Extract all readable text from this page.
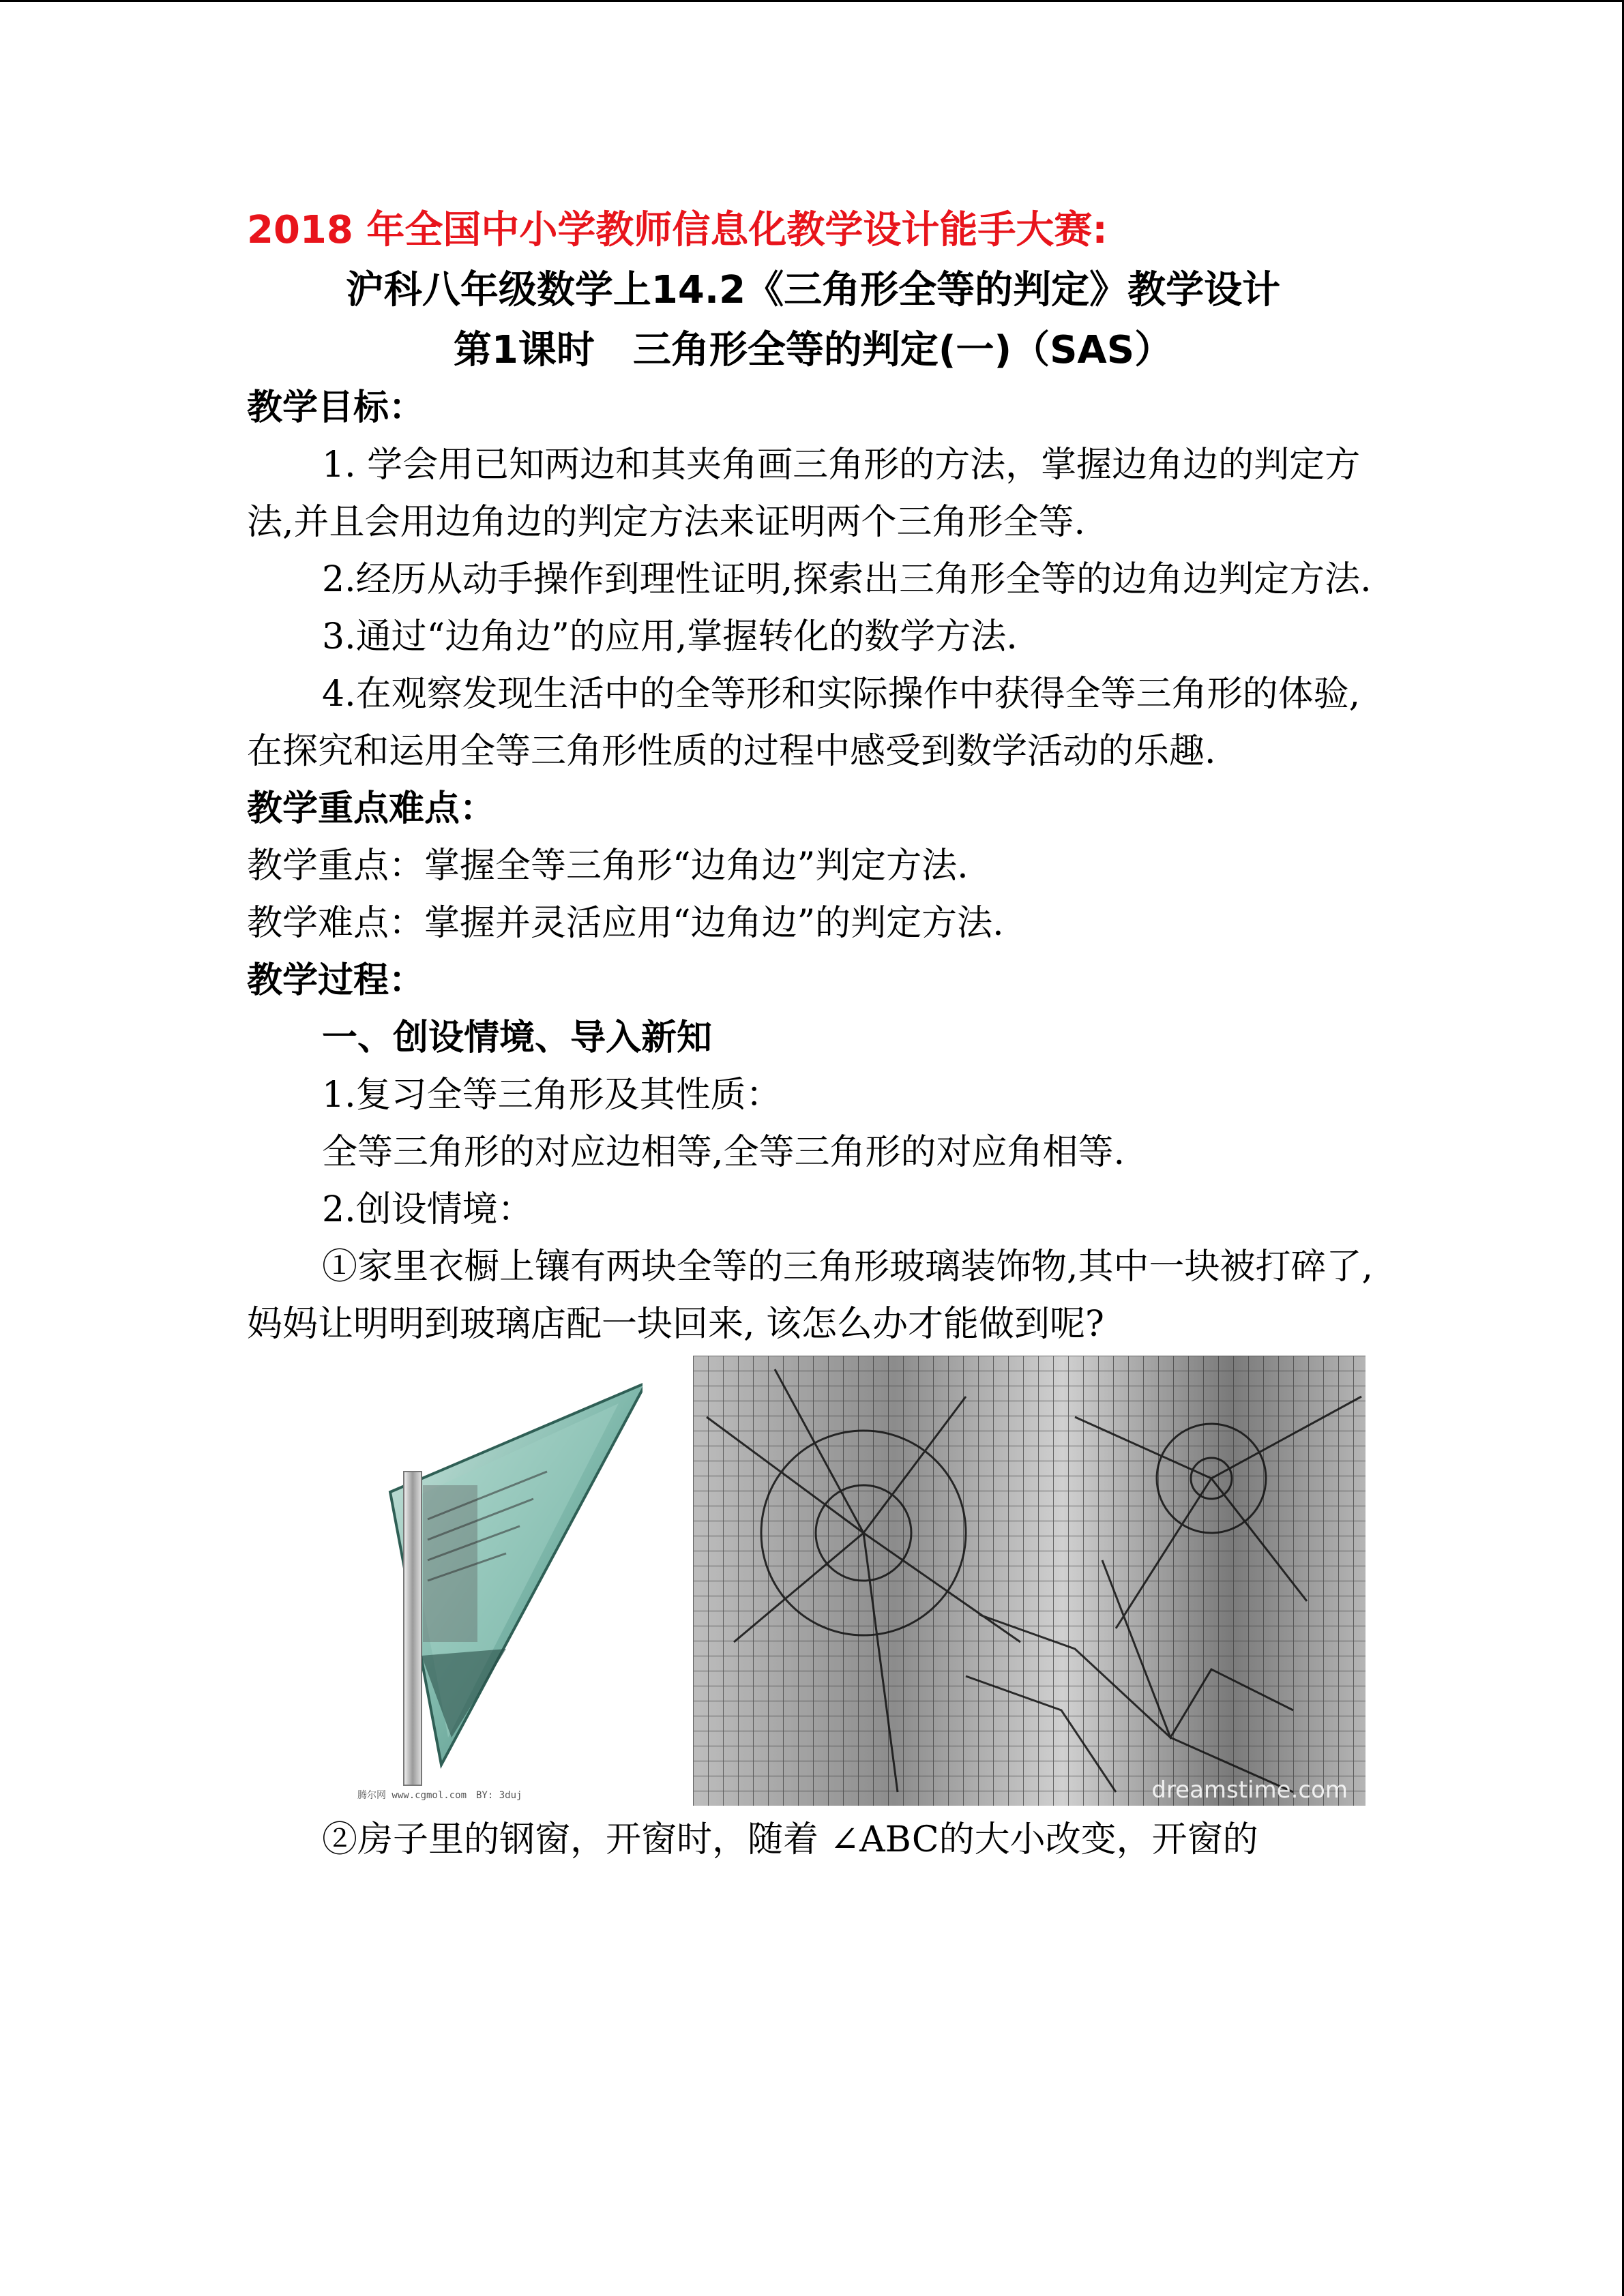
2018 年全国中小学教师信息化教学设计能手大赛:

沪科八年级数学上14.2《三角形全等的判定》教学设计

第1课时　三角形全等的判定(一)（SAS）

教学目标：

1. 学会用已知两边和其夹角画三角形的方法，掌握边角边的判定方法,并且会用边角边的判定方法来证明两个三角形全等.

2.经历从动手操作到理性证明,探索出三角形全等的边角边判定方法.

3.通过“边角边”的应用,掌握转化的数学方法.

4.在观察发现生活中的全等形和实际操作中获得全等三角形的体验,在探究和运用全等三角形性质的过程中感受到数学活动的乐趣.

教学重点难点：

教学重点：掌握全等三角形“边角边”判定方法.

教学难点：掌握并灵活应用“边角边”的判定方法.

教学过程：

一、创设情境、导入新知

1.复习全等三角形及其性质：

全等三角形的对应边相等,全等三角形的对应角相等.

2.创设情境：

①家里衣橱上镶有两块全等的三角形玻璃装饰物,其中一块被打碎了,妈妈让明明到玻璃店配一块回来, 该怎么办才能做到呢?

腾尔网 www.cgmol.com　BY: 3duj	dreamstime.com

②房子里的钢窗，开窗时，随着 ∠ABC的大小改变，开窗的
